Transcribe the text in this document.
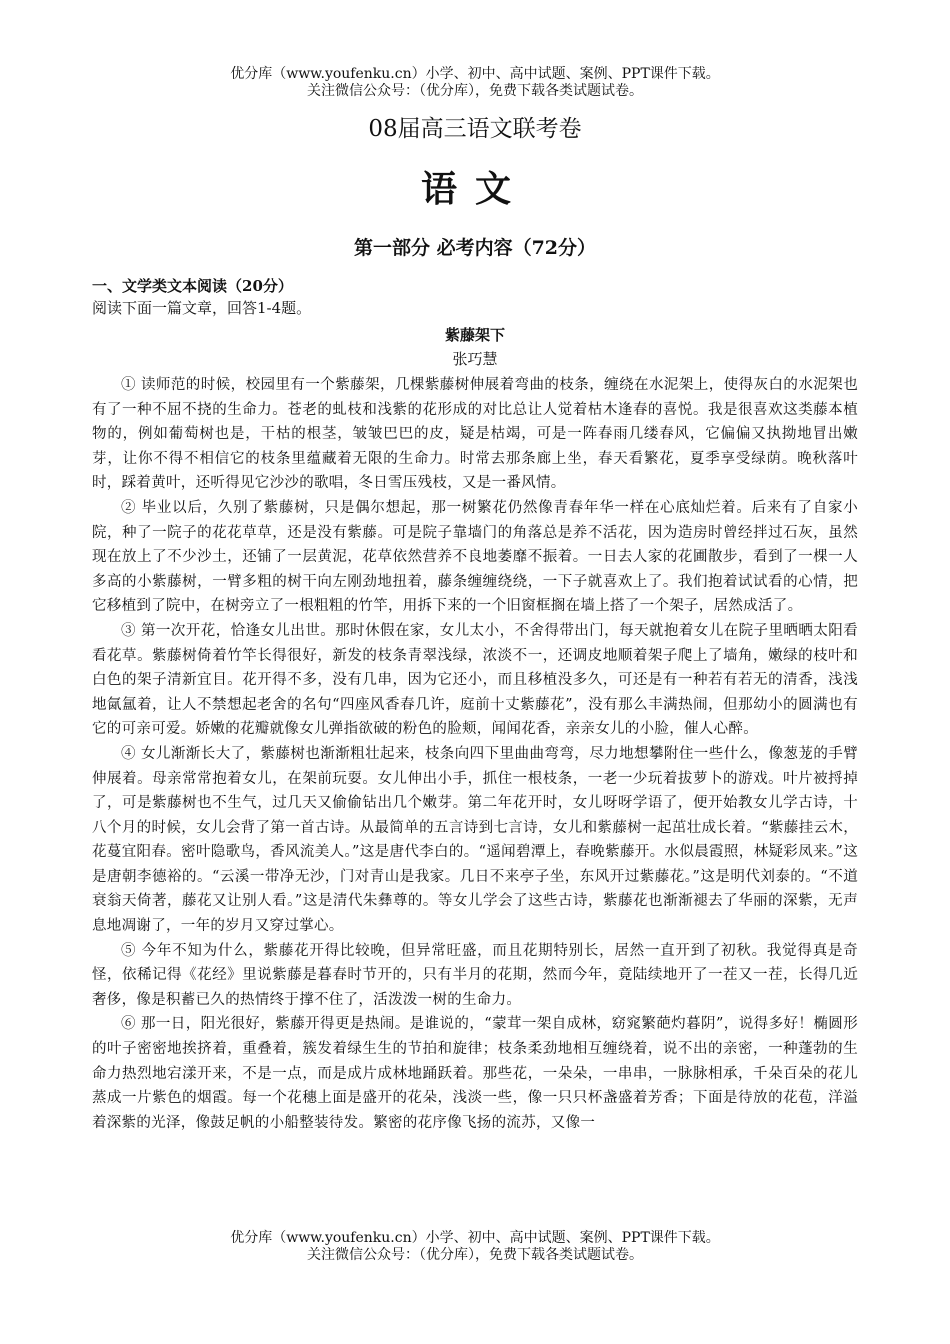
优分库（www.youfenku.cn）小学、初中、高中试题、案例、PPT课件下载。
关注微信公众号：（优分库），免费下载各类试题试卷。
08届高三语文联考卷
语文
第一部分 必考内容（72分）
一、文学类文本阅读（20分）
阅读下面一篇文章，回答1-4题。
紫藤架下
张巧慧

① 读师范的时候，校园里有一个紫藤架，几棵紫藤树伸展着弯曲的枝条，缠绕在水泥架上，使得灰白的水泥架也有了一种不屈不挠的生命力。苍老的虬枝和浅紫的花形成的对比总让人觉着枯木逢春的喜悦。我是很喜欢这类藤本植物的，例如葡萄树也是，干枯的根茎，皱皱巴巴的皮，疑是枯竭，可是一阵春雨几缕春风，它偏偏又执拗地冒出嫩芽，让你不得不相信它的枝条里蕴藏着无限的生命力。时常去那条廊上坐，春天看繁花，夏季享受绿荫。晚秋落叶时，踩着黄叶，还听得见它沙沙的歌唱，冬日雪压残枝，又是一番风情。

② 毕业以后，久别了紫藤树，只是偶尔想起，那一树繁花仍然像青春年华一样在心底灿烂着。后来有了自家小院，种了一院子的花花草草，还是没有紫藤。可是院子靠墙门的角落总是养不活花，因为造房时曾经拌过石灰，虽然现在放上了不少沙土，还铺了一层黄泥，花草依然营养不良地萎靡不振着。一日去人家的花圃散步，看到了一棵一人多高的小紫藤树，一臂多粗的树干向左刚劲地扭着，藤条缠缠绕绕，一下子就喜欢上了。我们抱着试试看的心情，把它移植到了院中，在树旁立了一根粗粗的竹竿，用拆下来的一个旧窗框搁在墙上搭了一个架子，居然成活了。

③ 第一次开花，恰逢女儿出世。那时休假在家，女儿太小，不舍得带出门，每天就抱着女儿在院子里晒晒太阳看看花草。紫藤树倚着竹竿长得很好，新发的枝条青翠浅绿，浓淡不一，还调皮地顺着架子爬上了墙角，嫩绿的枝叶和白色的架子清新宜目。花开得不多，没有几串，因为它还小，而且移植没多久，可还是有一种若有若无的清香，浅浅地氤氲着，让人不禁想起老舍的名句“四座风香春几许，庭前十丈紫藤花”，没有那么丰满热闹，但那幼小的圆满也有它的可亲可爱。娇嫩的花瓣就像女儿弹指欲破的粉色的脸颊，闻闻花香，亲亲女儿的小脸，催人心醉。

④ 女儿渐渐长大了，紫藤树也渐渐粗壮起来，枝条向四下里曲曲弯弯，尽力地想攀附住一些什么，像葱茏的手臂伸展着。母亲常常抱着女儿，在架前玩耍。女儿伸出小手，抓住一根枝条，一老一少玩着拔萝卜的游戏。叶片被捋掉了，可是紫藤树也不生气，过几天又偷偷钻出几个嫩芽。第二年花开时，女儿呀呀学语了，便开始教女儿学古诗，十八个月的时候，女儿会背了第一首古诗。从最简单的五言诗到七言诗，女儿和紫藤树一起茁壮成长着。“紫藤挂云木，花蔓宜阳春。密叶隐歌鸟，香风流美人。”这是唐代李白的。“遥闻碧潭上，春晚紫藤开。水似晨霞照，林疑彩凤来。”这是唐朝李德裕的。“云溪一带净无沙，门对青山是我家。几日不来亭子坐，东风开过紫藤花。”这是明代刘泰的。“不道衰翁天倚著，藤花又让别人看。”这是清代朱彝尊的。等女儿学会了这些古诗，紫藤花也渐渐褪去了华丽的深紫，无声息地凋谢了，一年的岁月又穿过掌心。

⑤ 今年不知为什么，紫藤花开得比较晚，但异常旺盛，而且花期特别长，居然一直开到了初秋。我觉得真是奇怪，依稀记得《花经》里说紫藤是暮春时节开的，只有半月的花期，然而今年，竟陆续地开了一茬又一茬，长得几近奢侈，像是积蓄已久的热情终于撑不住了，活泼泼一树的生命力。

⑥ 那一日，阳光很好，紫藤开得更是热闹。是谁说的，“蒙茸一架自成林，窈窕繁葩灼暮阴”，说得多好！椭圆形的叶子密密地挨挤着，重叠着，簇发着绿生生的节拍和旋律；枝条柔劲地相互缠绕着，说不出的亲密，一种蓬勃的生命力热烈地宕漾开来，不是一点，而是成片成林地踊跃着。那些花，一朵朵，一串串，一脉脉相承，千朵百朵的花儿蒸成一片紫色的烟霞。每一个花穗上面是盛开的花朵，浅淡一些，像一只只杯盏盛着芳香；下面是待放的花苞，洋溢着深紫的光泽，像鼓足帆的小船整装待发。繁密的花序像飞扬的流苏，又像一

优分库（www.youfenku.cn）小学、初中、高中试题、案例、PPT课件下载。
关注微信公众号：（优分库），免费下载各类试题试卷。
